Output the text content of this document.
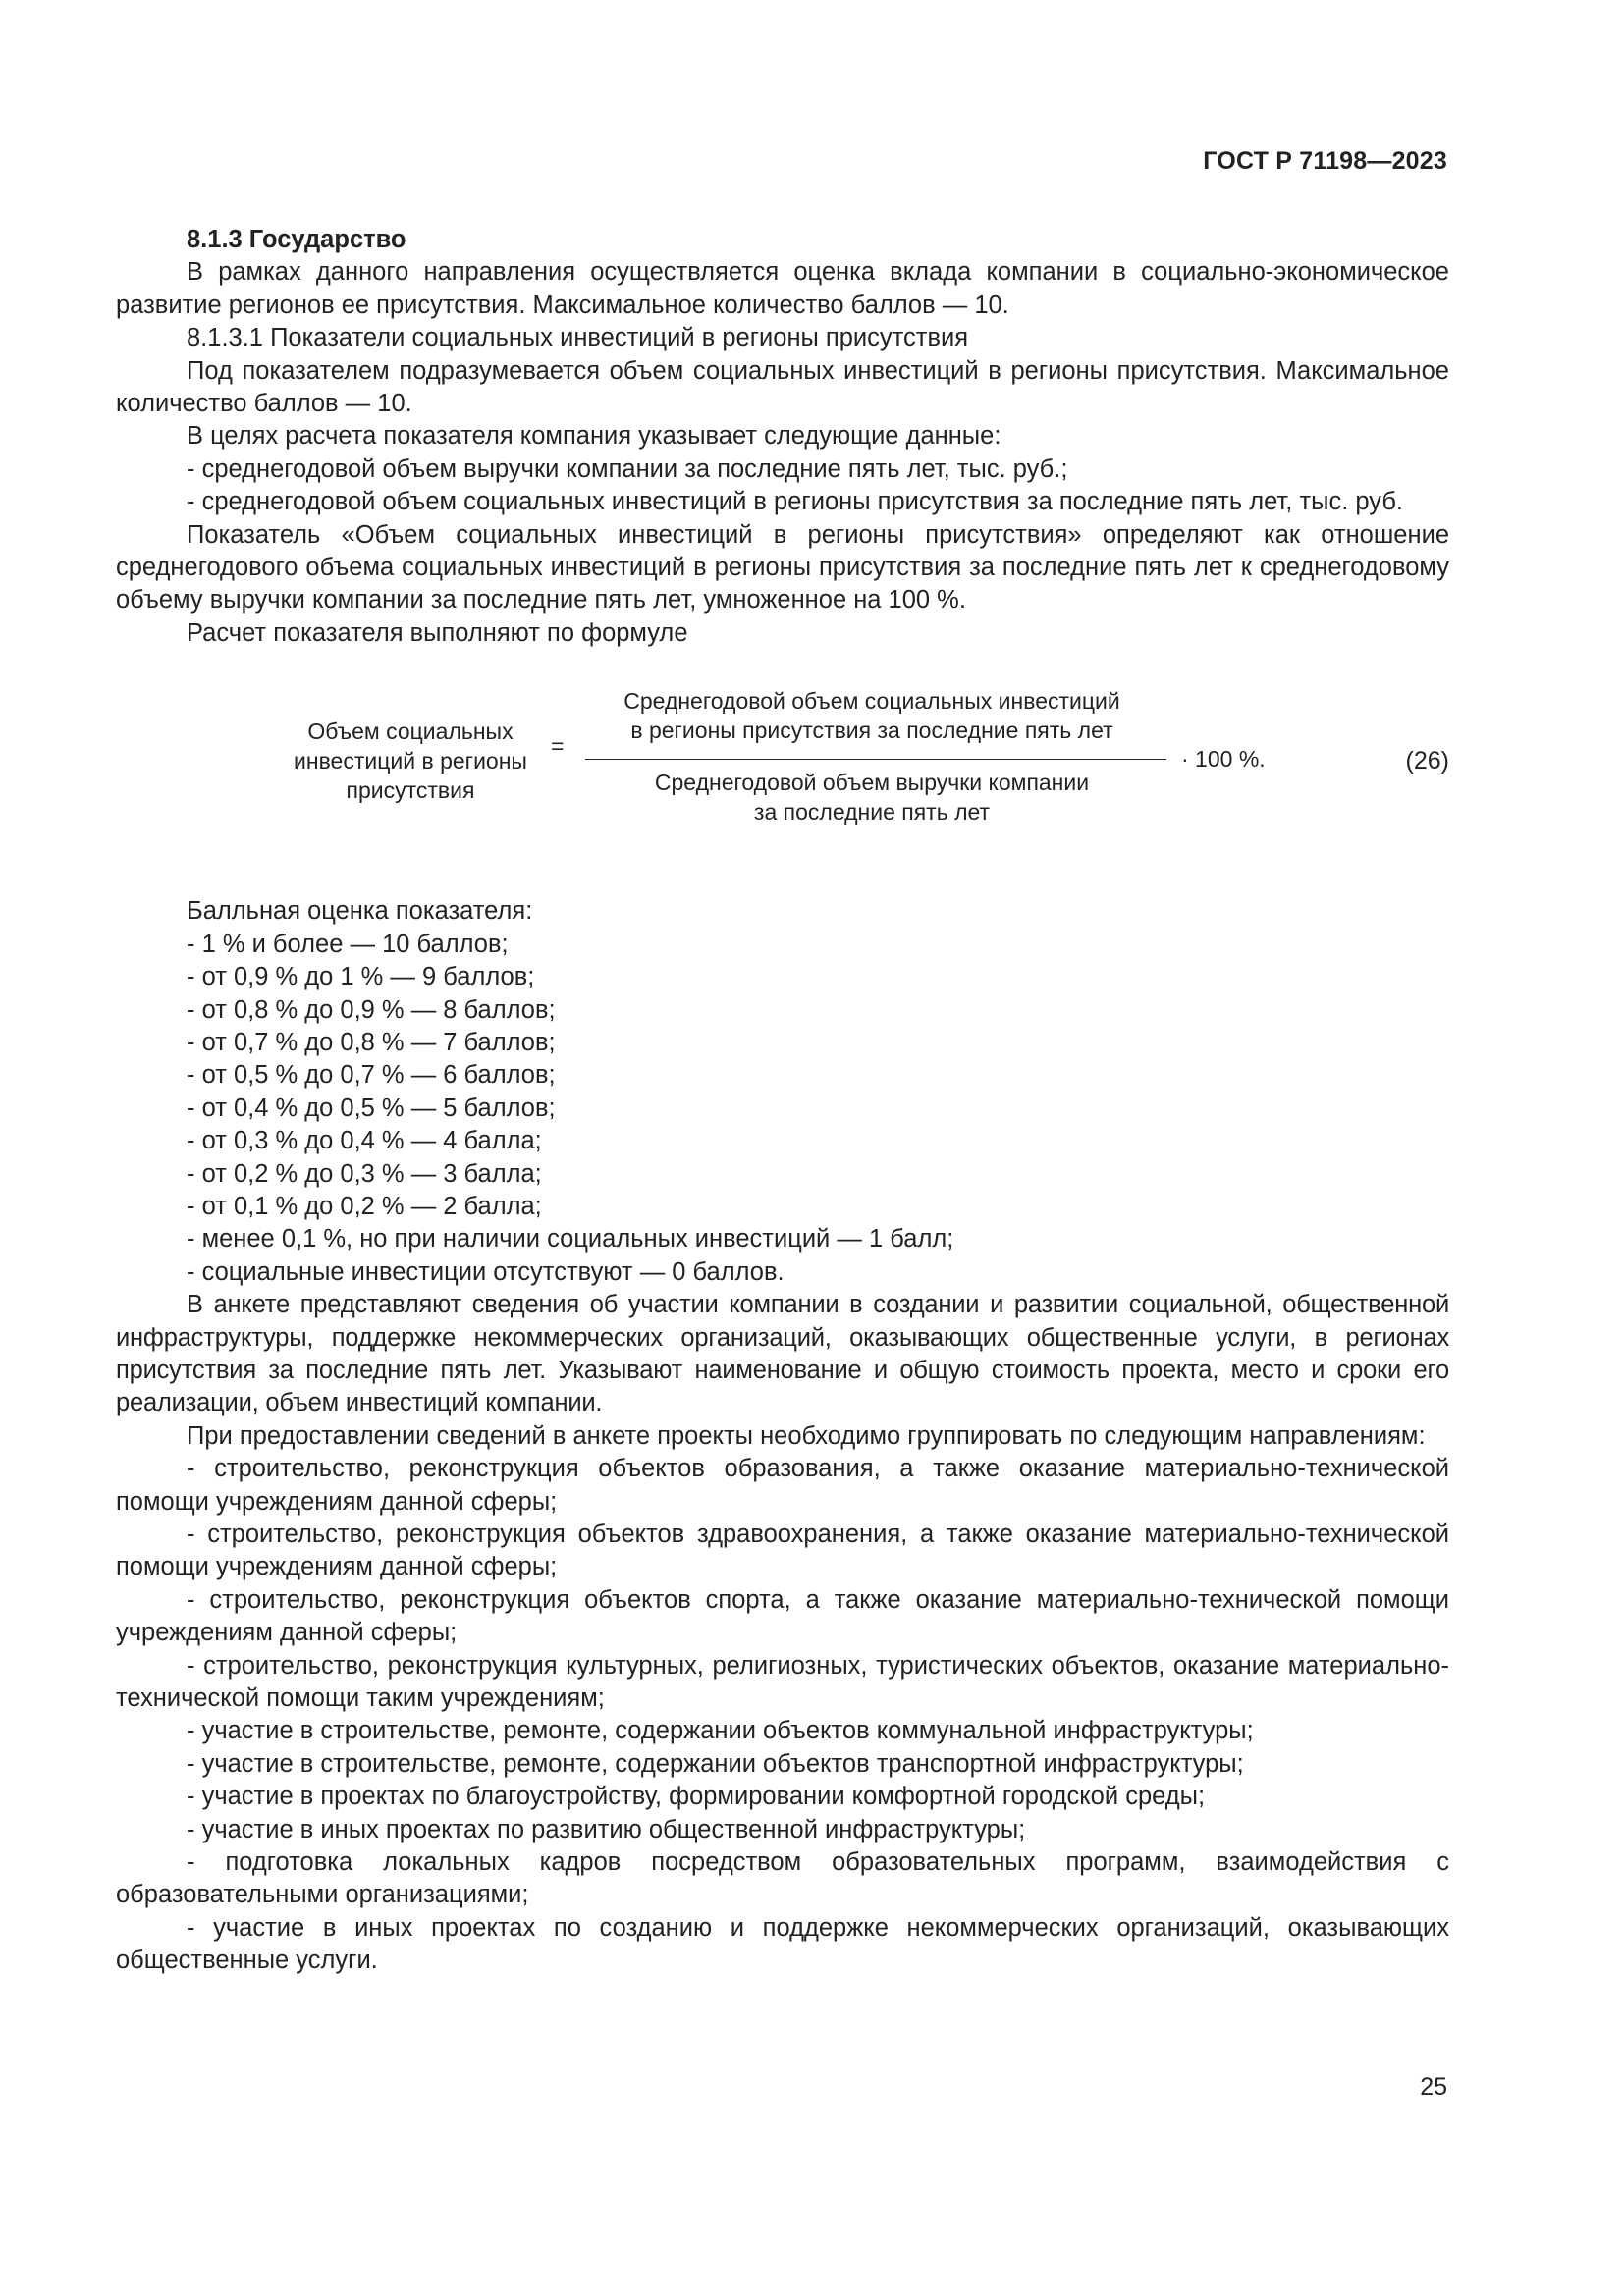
ГОСТ Р 71198—2023

8.1.3 Государство

В рамках данного направления осуществляется оценка вклада компании в социально-экономическое развитие регионов ее присутствия. Максимальное количество баллов — 10.

8.1.3.1 Показатели социальных инвестиций в регионы присутствия

Под показателем подразумевается объем социальных инвестиций в регионы присутствия. Максимальное количество баллов — 10.

В целях расчета показателя компания указывает следующие данные:

- среднегодовой объем выручки компании за последние пять лет, тыс. руб.;

- среднегодовой объем социальных инвестиций в регионы присутствия за последние пять лет, тыс. руб.

Показатель «Объем социальных инвестиций в регионы присутствия» определяют как отношение среднегодового объема социальных инвестиций в регионы присутствия за последние пять лет к среднегодовому объему выручки компании за последние пять лет, умноженное на 100 %.

Расчет показателя выполняют по формуле

Объем социальных
инвестиций в регионы
присутствия
=
Среднегодовой объем социальных инвестиций
в регионы присутствия за последние пять лет
Среднегодовой объем выручки компании
за последние пять лет
· 100 %.	(26)

Балльная оценка показателя:

- 1 % и более — 10 баллов;

- от 0,9 % до 1 % — 9 баллов;

- от 0,8 % до 0,9 % — 8 баллов;

- от 0,7 % до 0,8 % — 7 баллов;

- от 0,5 % до 0,7 % — 6 баллов;

- от 0,4 % до 0,5 % — 5 баллов;

- от 0,3 % до 0,4 % — 4 балла;

- от 0,2 % до 0,3 % — 3 балла;

- от 0,1 % до 0,2 % — 2 балла;

- менее 0,1 %, но при наличии социальных инвестиций — 1 балл;

- социальные инвестиции отсутствуют — 0 баллов.

В анкете представляют сведения об участии компании в создании и развитии социальной, общественной инфраструктуры, поддержке некоммерческих организаций, оказывающих общественные услуги, в регионах присутствия за последние пять лет. Указывают наименование и общую стоимость проекта, место и сроки его реализации, объем инвестиций компании.

При предоставлении сведений в анкете проекты необходимо группировать по следующим направлениям:

- строительство, реконструкция объектов образования, а также оказание материально-технической помощи учреждениям данной сферы;

- строительство, реконструкция объектов здравоохранения, а также оказание материально-технической помощи учреждениям данной сферы;

- строительство, реконструкция объектов спорта, а также оказание материально-технической помощи учреждениям данной сферы;

- строительство, реконструкция культурных, религиозных, туристических объектов, оказание материально-технической помощи таким учреждениям;

- участие в строительстве, ремонте, содержании объектов коммунальной инфраструктуры;

- участие в строительстве, ремонте, содержании объектов транспортной инфраструктуры;

- участие в проектах по благоустройству, формировании комфортной городской среды;

- участие в иных проектах по развитию общественной инфраструктуры;

- подготовка локальных кадров посредством образовательных программ, взаимодействия с образовательными организациями;

- участие в иных проектах по созданию и поддержке некоммерческих организаций, оказывающих общественные услуги.

25
